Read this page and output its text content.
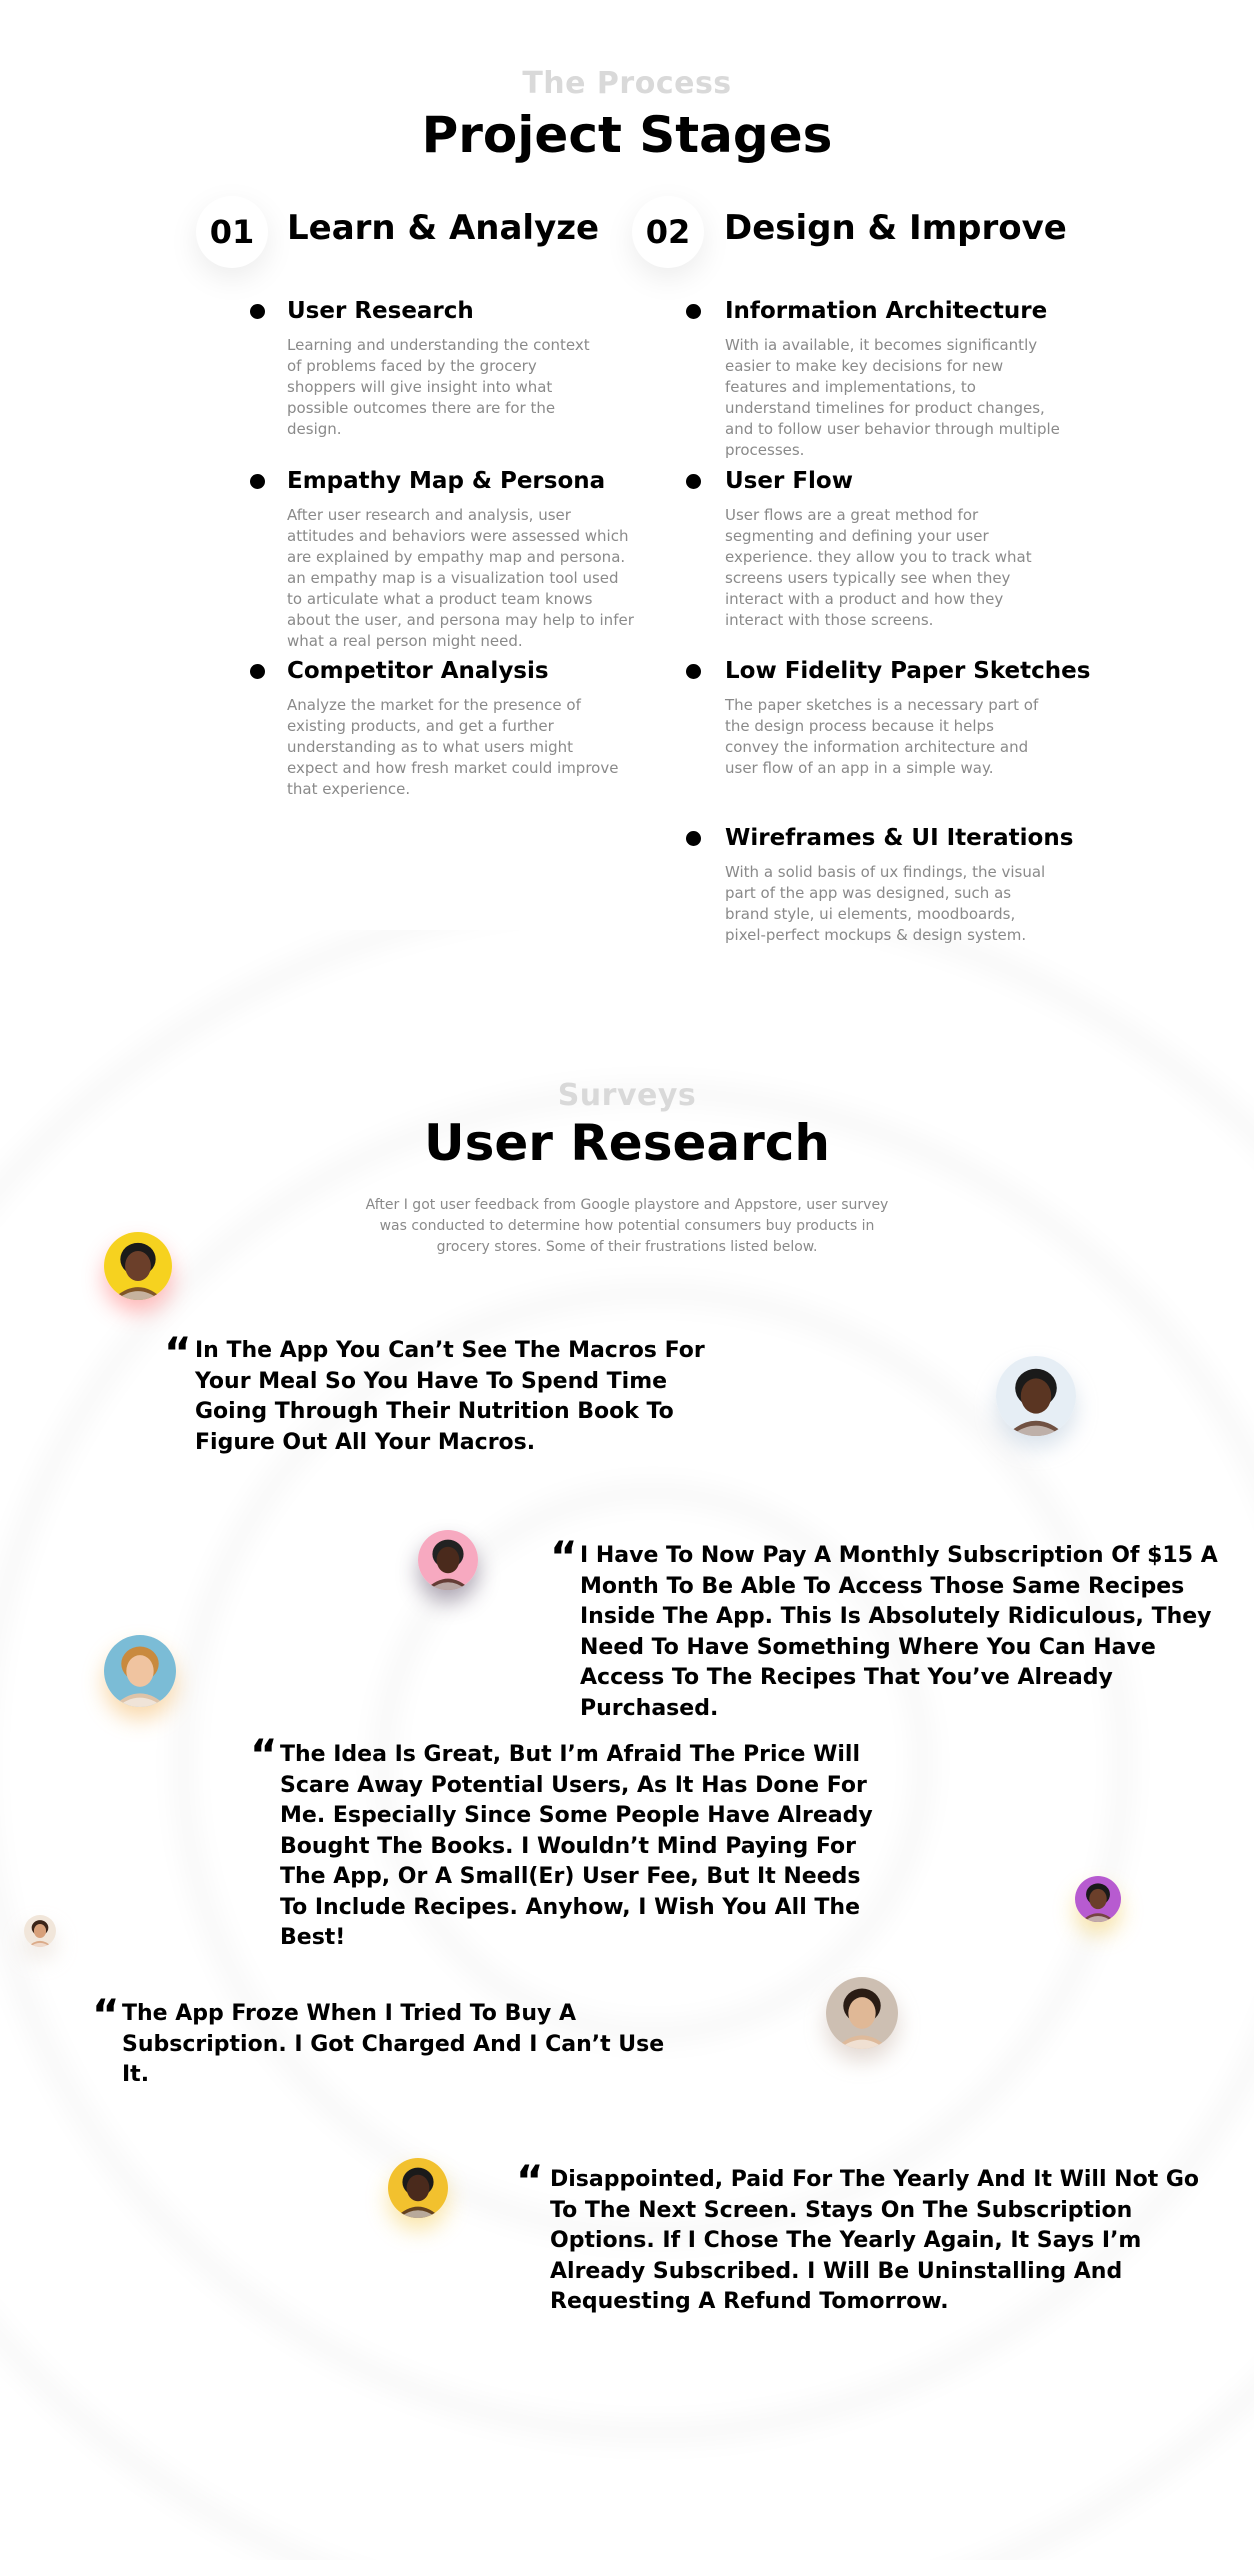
The Process
Project Stages
01 Learn & Analyze	02 Design & Improve
User Research
Learning and understanding the context of problems faced by the grocery shoppers will give insight into what possible outcomes there are for the design.
Empathy Map & Persona
After user research and analysis, user attitudes and behaviors were assessed which are explained by empathy map and persona. an empathy map is a visualization tool used to articulate what a product team knows about the user, and persona may help to infer what a real person might need.
Competitor Analysis
Analyze the market for the presence of existing products, and get a further understanding as to what users might expect and how fresh market could improve that experience.
Information Architecture
With ia available, it becomes significantly easier to make key decisions for new features and implementations, to understand timelines for product changes, and to follow user behavior through multiple processes.
User Flow
User flows are a great method for segmenting and defining your user experience. they allow you to track what screens users typically see when they interact with a product and how they interact with those screens.
Low Fidelity Paper Sketches
The paper sketches is a necessary part of the design process because it helps convey the information architecture and user flow of an app in a simple way.
Wireframes & UI Iterations
With a solid basis of ux findings, the visual part of the app was designed, such as brand style, ui elements, moodboards, pixel-perfect mockups & design system.
Surveys
User Research
After I got user feedback from Google playstore and Appstore, user survey was conducted to determine how potential consumers buy products in grocery stores. Some of their frustrations listed below.
“ In The App You Can’t See The Macros For Your Meal So You Have To Spend Time Going Through Their Nutrition Book To Figure Out All Your Macros.
“ I Have To Now Pay A Monthly Subscription Of $15 A Month To Be Able To Access Those Same Recipes Inside The App. This Is Absolutely Ridiculous, They Need To Have Something Where You Can Have Access To The Recipes That You’ve Already Purchased.
“ The Idea Is Great, But I’m Afraid The Price Will Scare Away Potential Users, As It Has Done For Me. Especially Since Some People Have Already Bought The Books. I Wouldn’t Mind Paying For The App, Or A Small(Er) User Fee, But It Needs To Include Recipes. Anyhow, I Wish You All The Best!
“ The App Froze When I Tried To Buy A Subscription. I Got Charged And I Can’t Use It.
“ Disappointed, Paid For The Yearly And It Will Not Go To The Next Screen. Stays On The Subscription Options. If I Chose The Yearly Again, It Says I’m Already Subscribed. I Will Be Uninstalling And Requesting A Refund Tomorrow.
